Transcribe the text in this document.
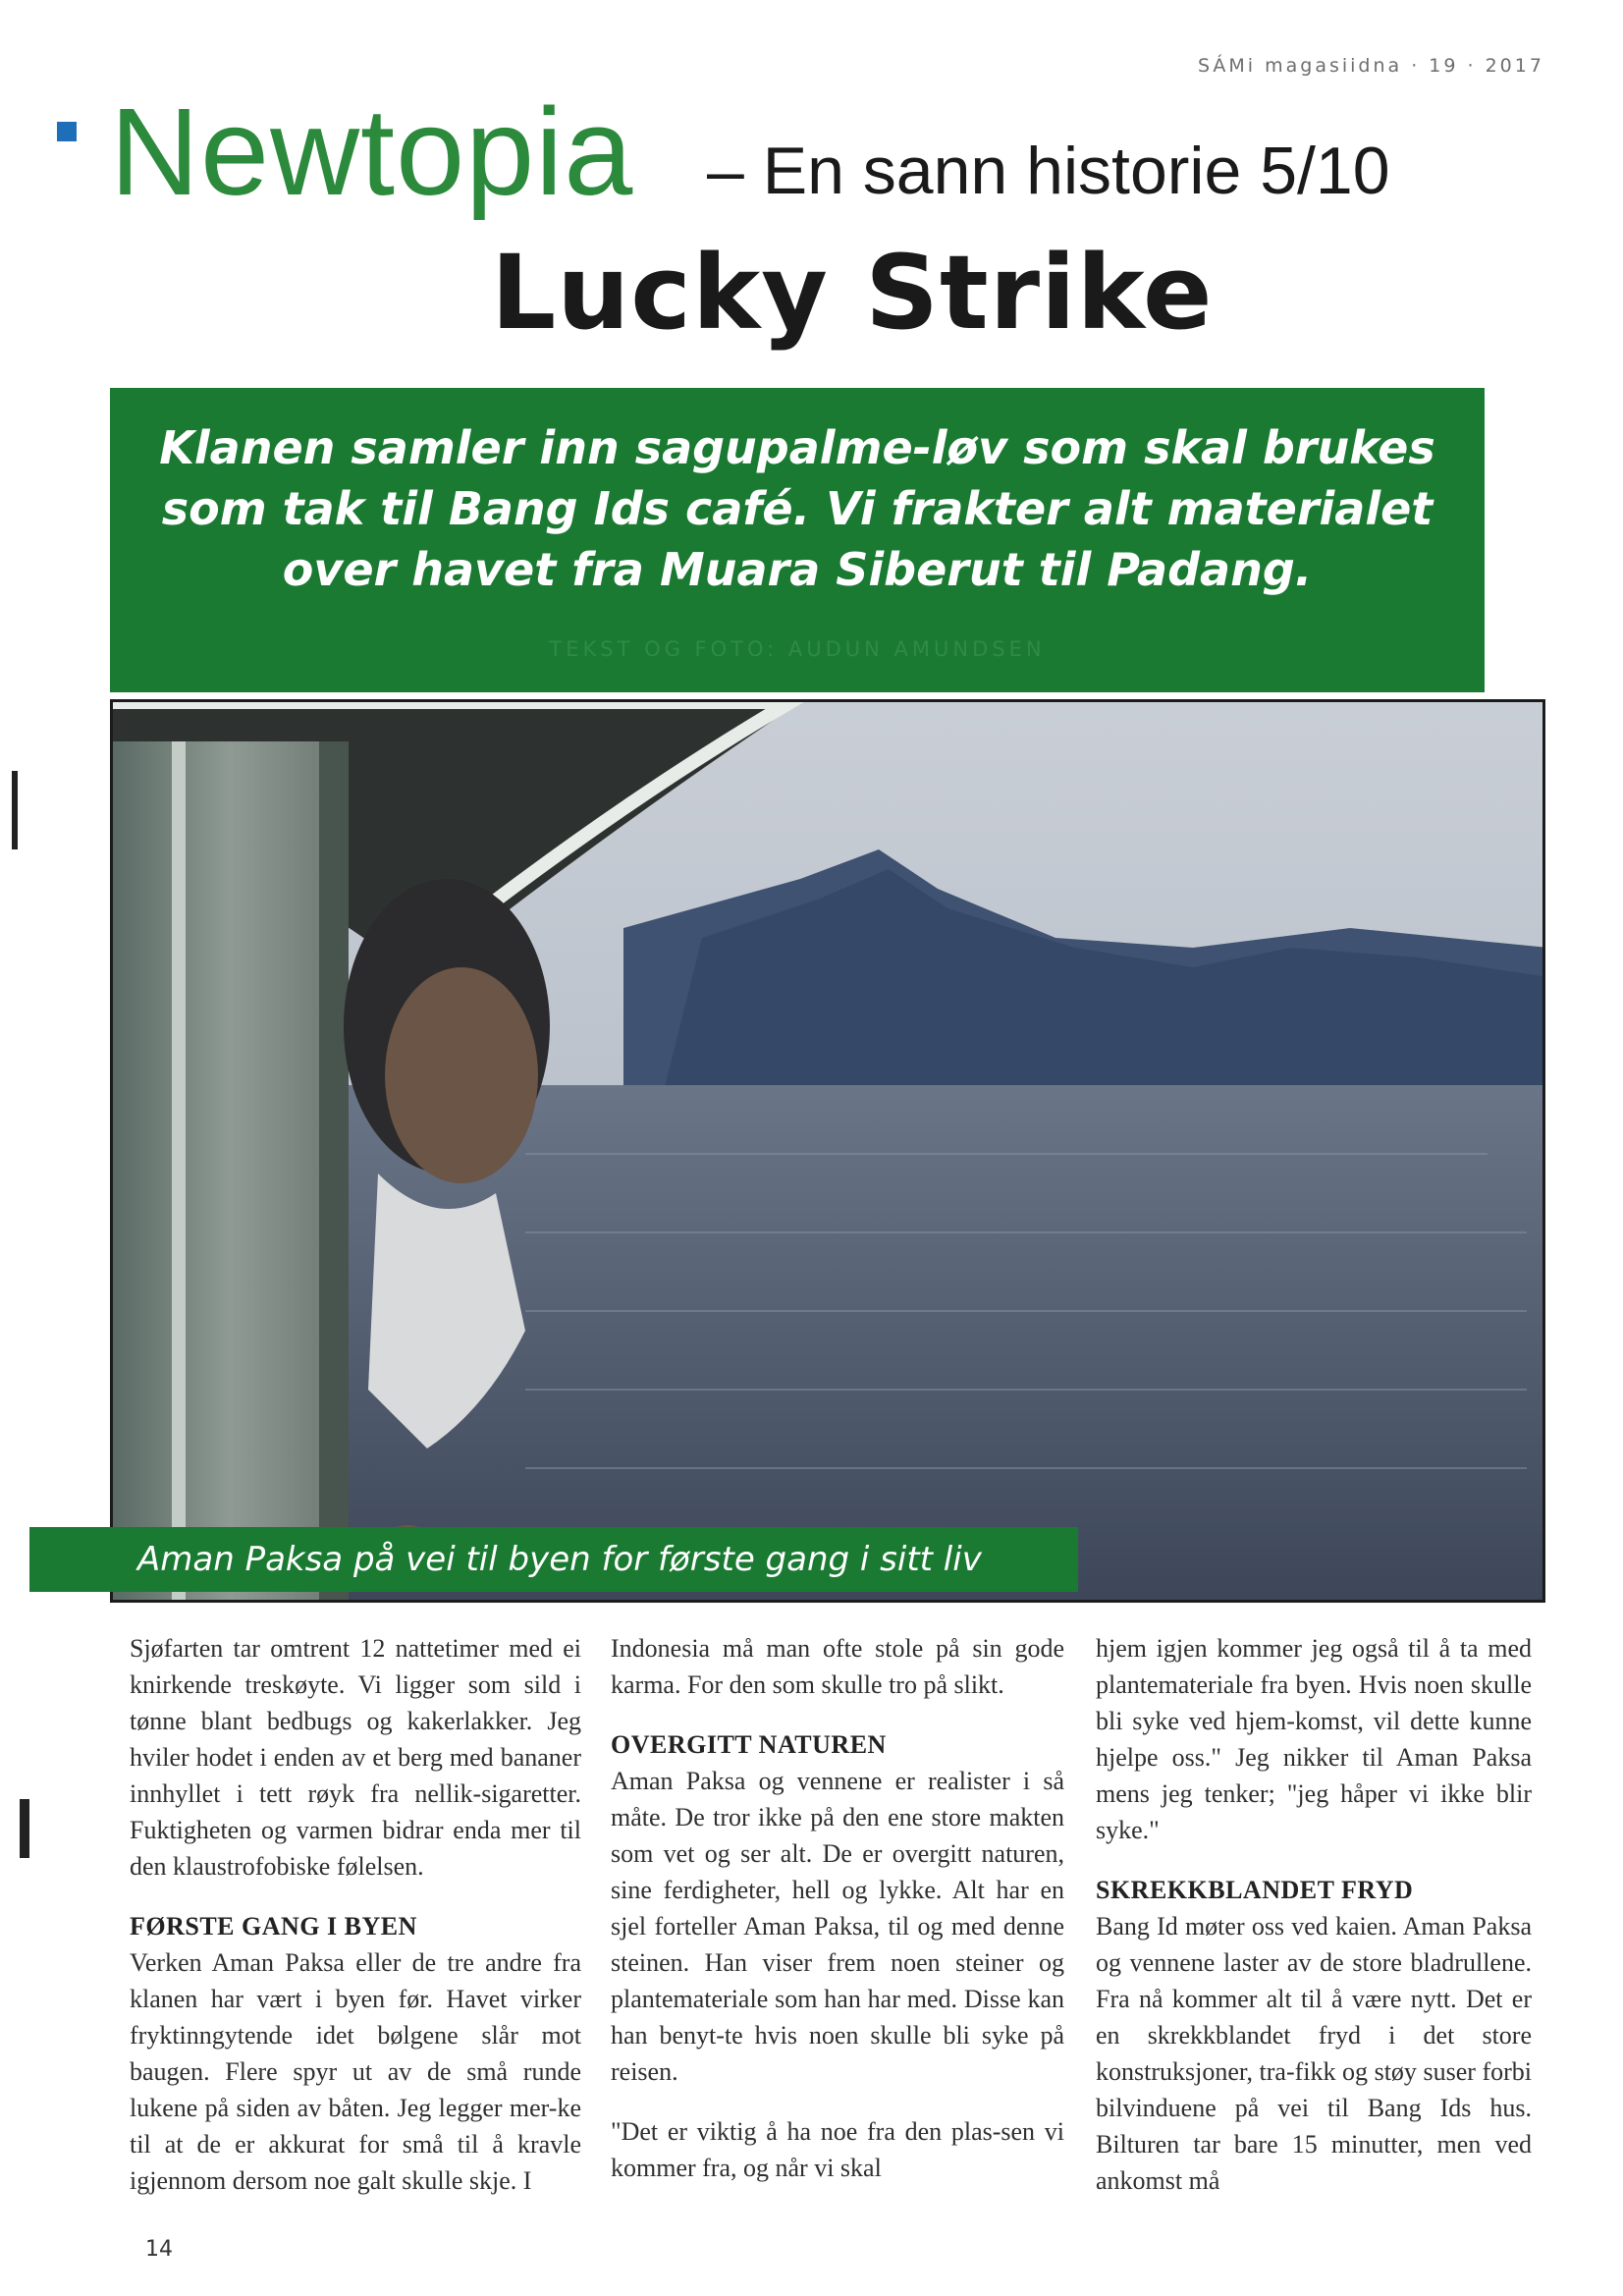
SÁMi magasiidna · 19 · 2017
Newtopia – En sann historie 5/10
Lucky Strike
Klanen samler inn sagupalme-løv som skal brukes som tak til Bang Ids café. Vi frakter alt materialet over havet fra Muara Siberut til Padang.
TEKST OG FOTO: AUDUN AMUNDSEN
Aman Paksa på vei til byen for første gang i sitt liv

Sjøfarten tar omtrent 12 nattetimer med ei knirkende treskøyte. Vi ligger som sild i tønne blant bedbugs og kakerlakker. Jeg hviler hodet i enden av et berg med bananer innhyllet i tett røyk fra nellik-sigaretter. Fuktigheten og varmen bidrar enda mer til den klaustrofobiske følelsen.

FØRSTE GANG I BYEN

Verken Aman Paksa eller de tre andre fra klanen har vært i byen før. Havet virker fryktinngytende idet bølgene slår mot baugen. Flere spyr ut av de små runde lukene på siden av båten. Jeg legger mer-ke til at de er akkurat for små til å kravle igjennom dersom noe galt skulle skje. I

Indonesia må man ofte stole på sin gode karma. For den som skulle tro på slikt.

OVERGITT NATUREN

Aman Paksa og vennene er realister i så måte. De tror ikke på den ene store makten som vet og ser alt. De er overgitt naturen, sine ferdigheter, hell og lykke. Alt har en sjel forteller Aman Paksa, til og med denne steinen. Han viser frem noen steiner og plantemateriale som han har med. Disse kan han benyt-te hvis noen skulle bli syke på reisen.

"Det er viktig å ha noe fra den plas-sen vi kommer fra, og når vi skal

hjem igjen kommer jeg også til å ta med plantemateriale fra byen. Hvis noen skulle bli syke ved hjem-komst, vil dette kunne hjelpe oss." Jeg nikker til Aman Paksa mens jeg tenker; "jeg håper vi ikke blir syke."

SKREKKBLANDET FRYD

Bang Id møter oss ved kaien. Aman Paksa og vennene laster av de store bladrullene. Fra nå kommer alt til å være nytt. Det er en skrekkblandet fryd i det store konstruksjoner, tra-fikk og støy suser forbi bilvinduene på vei til Bang Ids hus. Bilturen tar bare 15 minutter, men ved ankomst må

14
